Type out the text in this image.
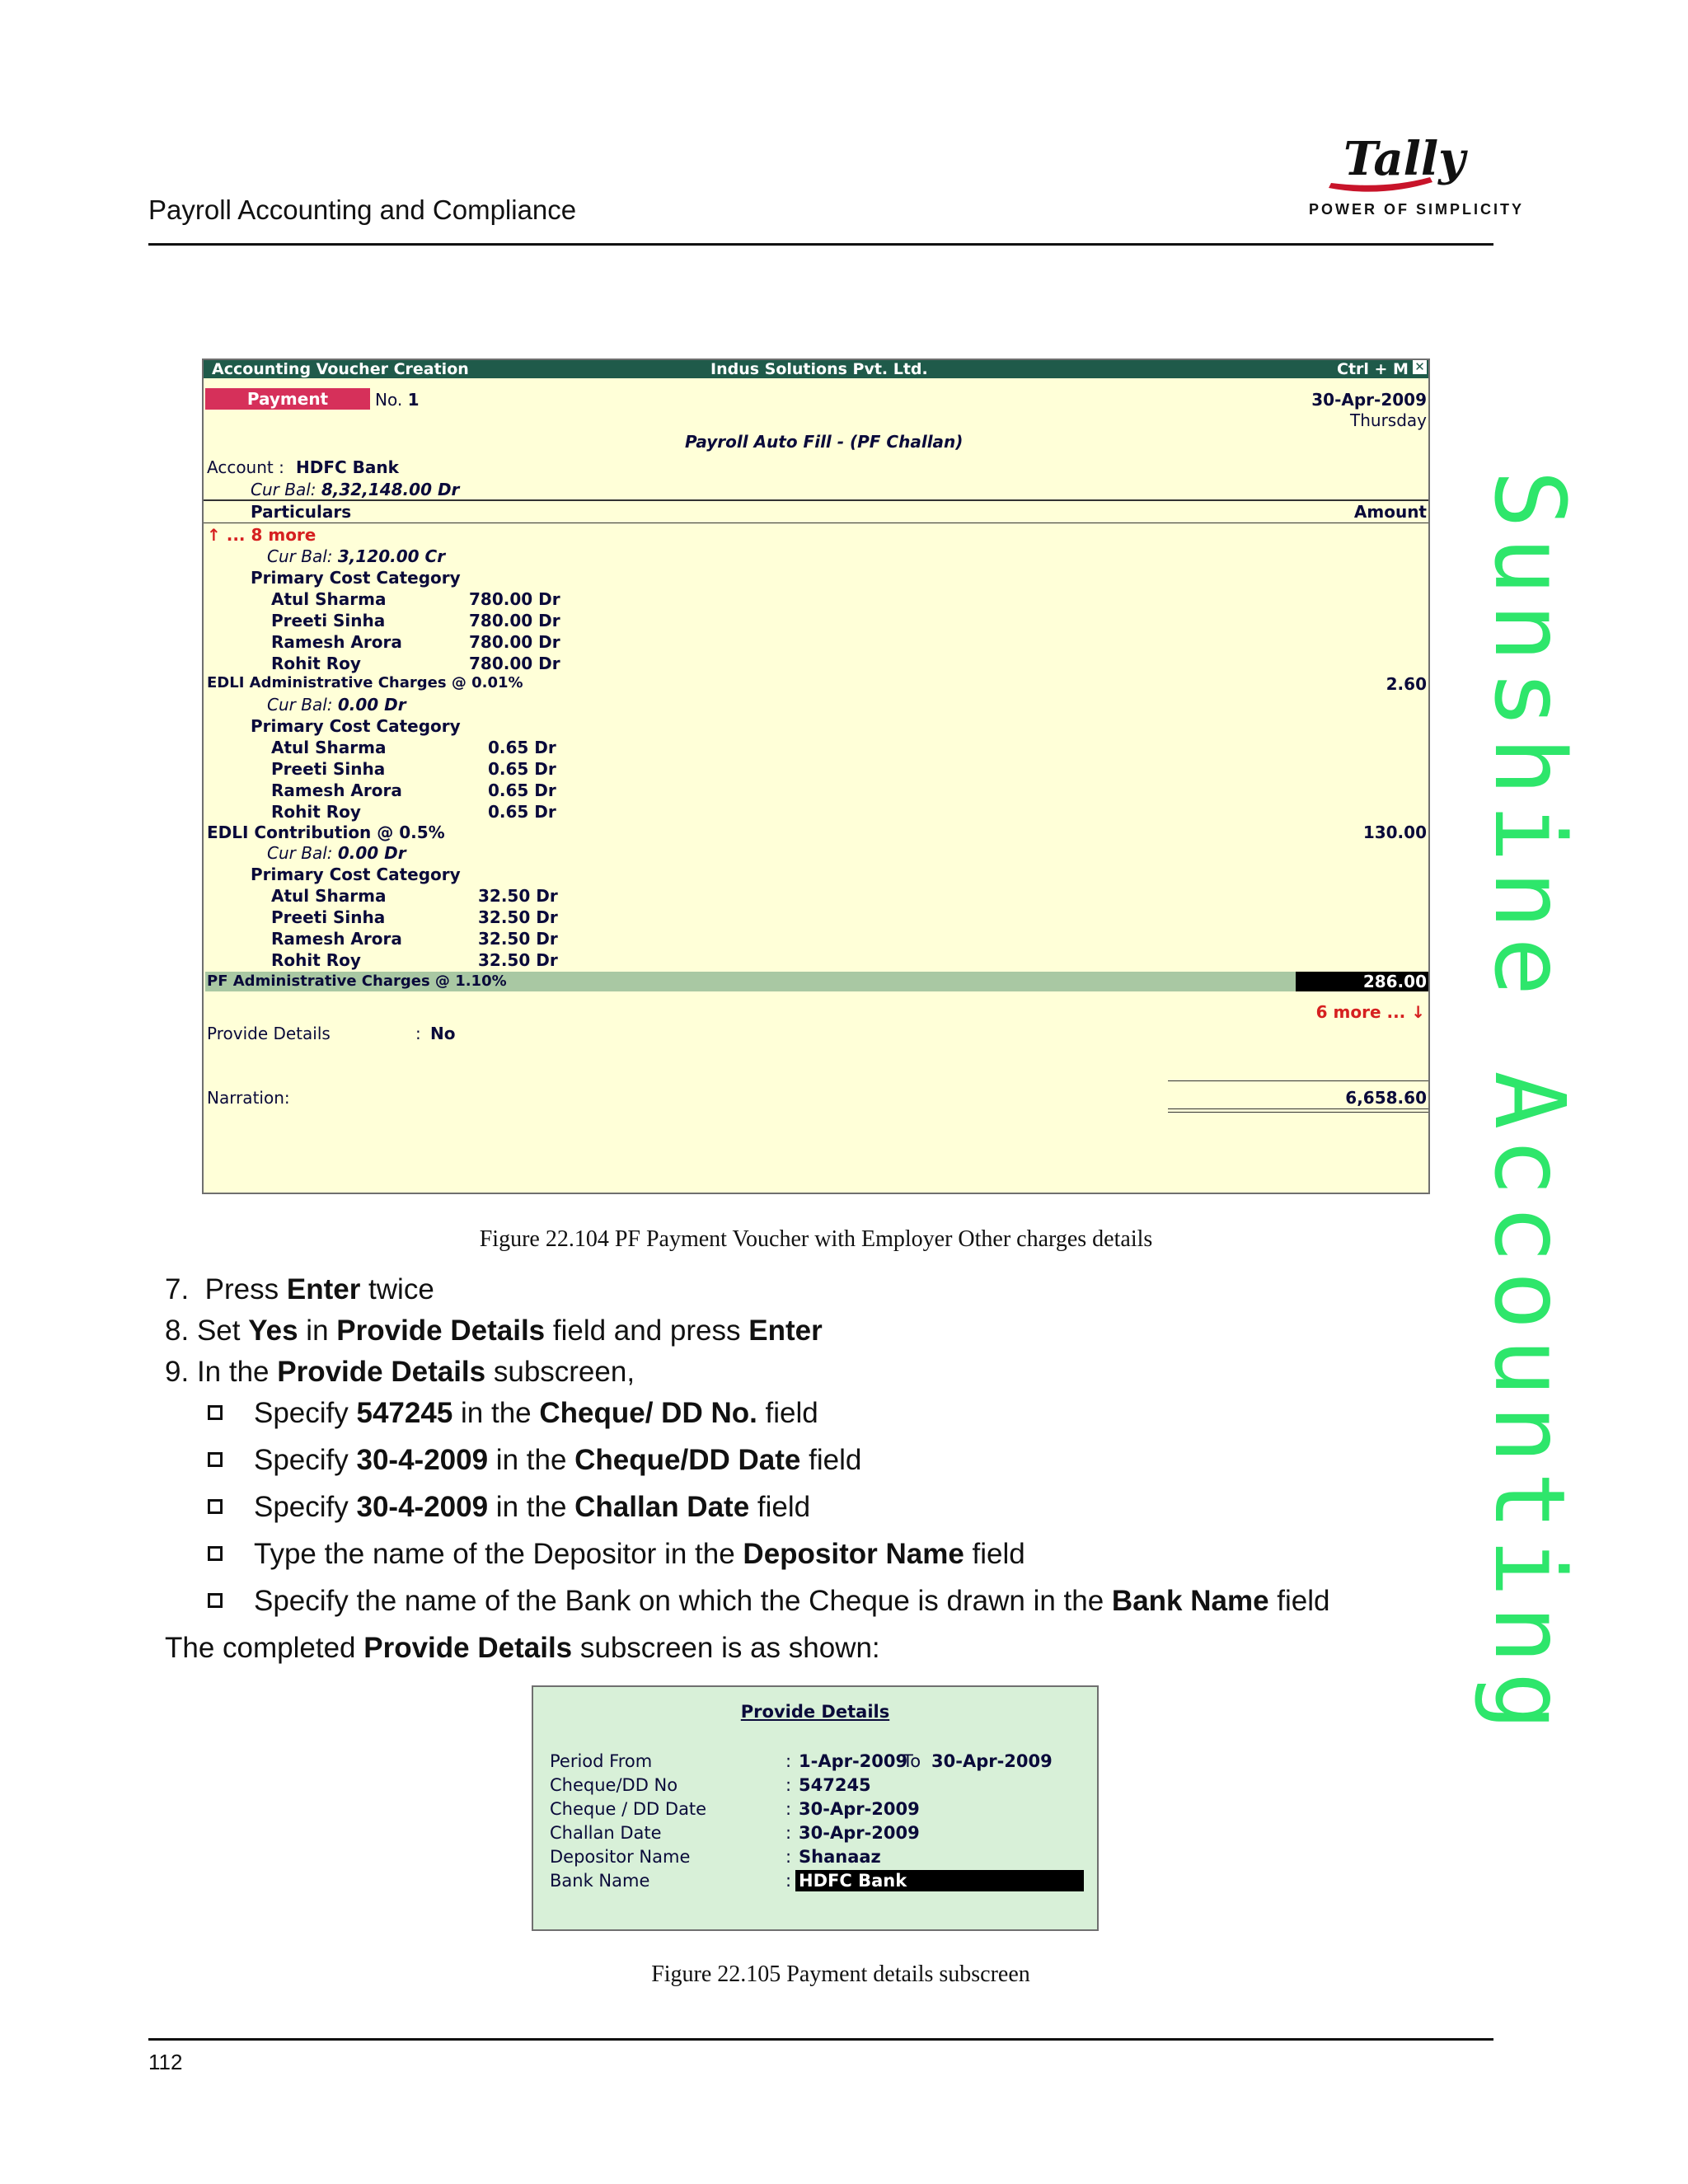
Payroll Accounting and Compliance
Tally
POWER OF SIMPLICITY
Sunshine Accounting
Accounting Voucher Creation	Indus Solutions Pvt. Ltd.	Ctrl + M ✕
Payment	No. 1	30-Apr-2009
Thursday
Payroll Auto Fill - (PF Challan)
Account : HDFC Bank
Cur Bal: 8,32,148.00 Dr
Particulars	Amount
↑ ... 8 more
Cur Bal: 3,120.00 Cr
Primary Cost Category
Atul Sharma	780.00 Dr
Preeti Sinha	780.00 Dr
Ramesh Arora	780.00 Dr
Rohit Roy	780.00 Dr
EDLI Administrative Charges @ 0.01%	2.60
Cur Bal: 0.00 Dr
Primary Cost Category
Atul Sharma	0.65 Dr
Preeti Sinha	0.65 Dr
Ramesh Arora	0.65 Dr
Rohit Roy	0.65 Dr
EDLI Contribution @ 0.5%	130.00
Cur Bal: 0.00 Dr
Primary Cost Category
Atul Sharma	32.50 Dr
Preeti Sinha	32.50 Dr
Ramesh Arora	32.50 Dr
Rohit Roy	32.50 Dr
PF Administrative Charges @ 1.10%	286.00
6 more ... ↓
Provide Details	: No
Narration:	6,658.60
Figure 22.104 PF Payment Voucher with Employer Other charges details
7. Press Enter twice
8. Set Yes in Provide Details field and press Enter
9. In the Provide Details subscreen,
Specify 547245 in the Cheque/ DD No. field
Specify 30-4-2009 in the Cheque/DD Date field
Specify 30-4-2009 in the Challan Date field
Type the name of the Depositor in the Depositor Name field
Specify the name of the Bank on which the Cheque is drawn in the Bank Name field
The completed Provide Details subscreen is as shown:
Provide Details
Period From	: 1-Apr-2009
To 30-Apr-2009
Cheque/DD No	: 547245
Cheque / DD Date	: 30-Apr-2009
Challan Date	: 30-Apr-2009
Depositor Name	: Shanaaz
Bank Name	: HDFC Bank
Figure 22.105 Payment details subscreen
112
